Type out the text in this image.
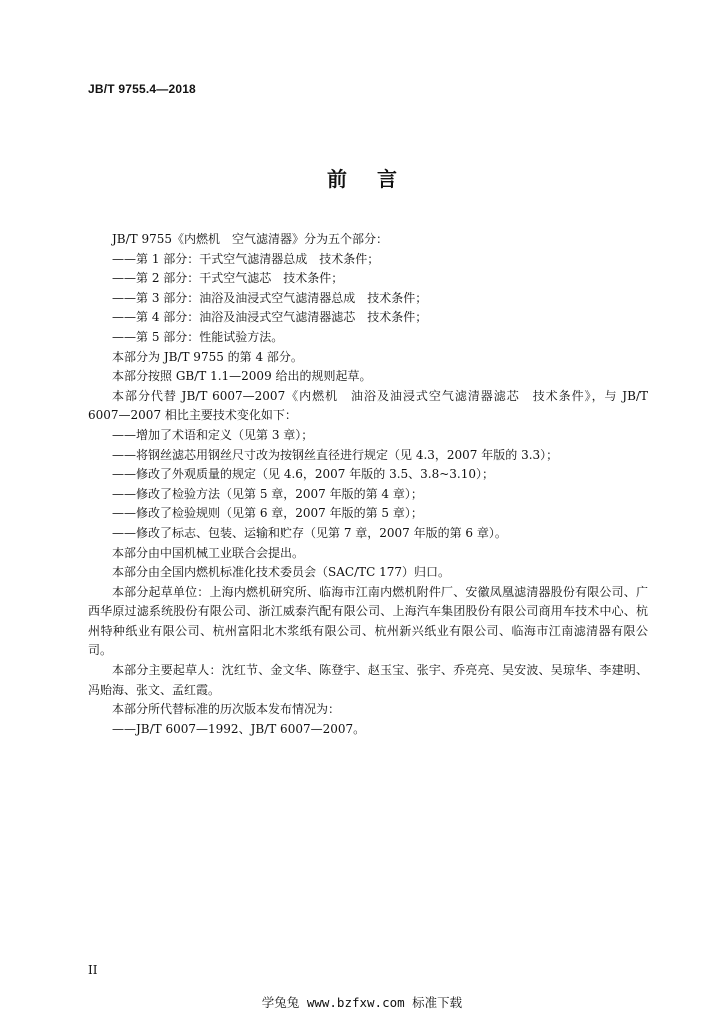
JB/T 9755.4—2018
前言

JB/T 9755《内燃机　空气滤清器》分为五个部分：

——第 1 部分：干式空气滤清器总成　技术条件；

——第 2 部分：干式空气滤芯　技术条件；

——第 3 部分：油浴及油浸式空气滤清器总成　技术条件；

——第 4 部分：油浴及油浸式空气滤清器滤芯　技术条件；

——第 5 部分：性能试验方法。

本部分为 JB/T 9755 的第 4 部分。

本部分按照 GB/T 1.1—2009 给出的规则起草。

本部分代替 JB/T 6007—2007《内燃机　油浴及油浸式空气滤清器滤芯　技术条件》，与 JB/T 6007—2007 相比主要技术变化如下：

——增加了术语和定义（见第 3 章）；

——将钢丝滤芯用钢丝尺寸改为按钢丝直径进行规定（见 4.3，2007 年版的 3.3）；

——修改了外观质量的规定（见 4.6，2007 年版的 3.5、3.8~3.10）；

——修改了检验方法（见第 5 章，2007 年版的第 4 章）；

——修改了检验规则（见第 6 章，2007 年版的第 5 章）；

——修改了标志、包装、运输和贮存（见第 7 章，2007 年版的第 6 章）。

本部分由中国机械工业联合会提出。

本部分由全国内燃机标准化技术委员会（SAC/TC 177）归口。

本部分起草单位：上海内燃机研究所、临海市江南内燃机附件厂、安徽凤凰滤清器股份有限公司、广西华原过滤系统股份有限公司、浙江威泰汽配有限公司、上海汽车集团股份有限公司商用车技术中心、杭州特种纸业有限公司、杭州富阳北木浆纸有限公司、杭州新兴纸业有限公司、临海市江南滤清器有限公司。

本部分主要起草人：沈红节、金文华、陈登宇、赵玉宝、张宇、乔亮亮、吴安波、吴琼华、李建明、冯贻海、张文、孟红霞。

本部分所代替标准的历次版本发布情况为：

——JB/T 6007—1992、JB/T 6007—2007。

II
学兔兔 www.bzfxw.com 标准下载
